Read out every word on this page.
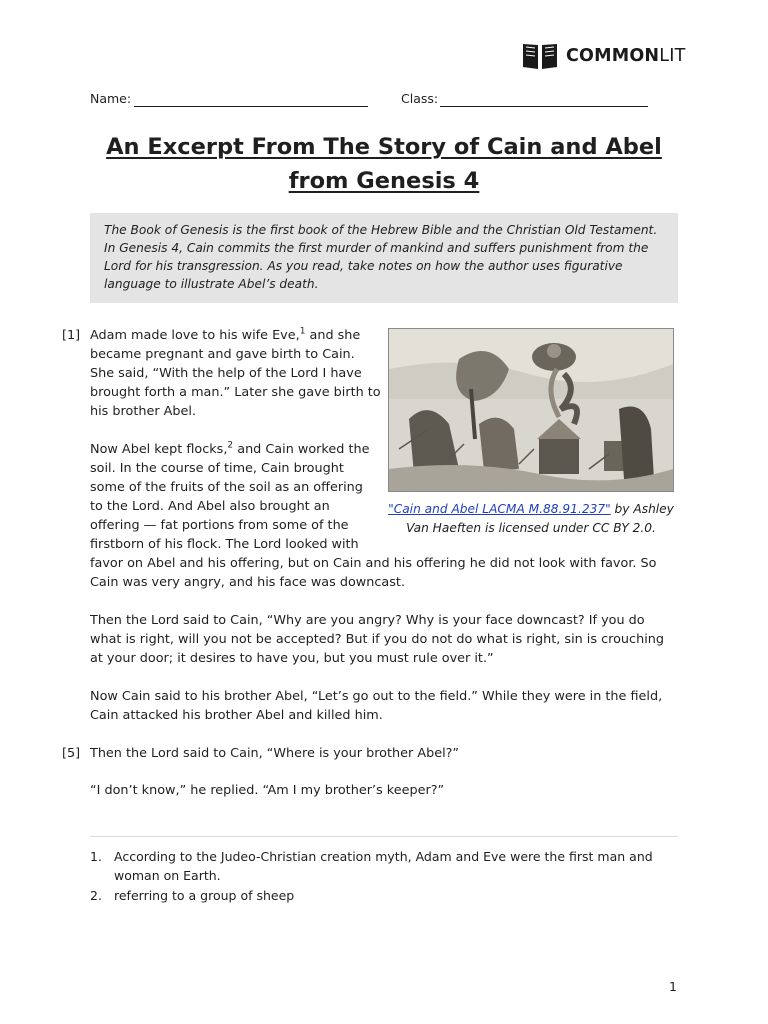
COMMONLIT
Name:	Class:
An Excerpt From The Story of Cain and Abel
from Genesis 4

The Book of Genesis is the first book of the Hebrew Bible and the Christian Old Testament. In Genesis 4, Cain commits the first murder of mankind and suffers punishment from the Lord for his transgression. As you read, take notes on how the author uses figurative language to illustrate Abel’s death.

"Cain and Abel LACMA M.88.91.237" by Ashley Van Haeften is licensed under CC BY 2.0.
[1] Adam made love to his wife Eve,$^1$ and she became pregnant and gave birth to Cain. She said, “With the help of the Lord I have brought forth a man.” Later she gave birth to his brother Abel.

Now Abel kept flocks,$^2$ and Cain worked the soil. In the course of time, Cain brought some of the fruits of the soil as an offering to the Lord. And Abel also brought an offering — fat portions from some of the firstborn of his flock. The Lord looked with favor on Abel and his offering, but on Cain and his offering he did not look with favor. So Cain was very angry, and his face was downcast.

Then the Lord said to Cain, “Why are you angry? Why is your face downcast? If you do what is right, will you not be accepted? But if you do not do what is right, sin is crouching at your door; it desires to have you, but you must rule over it.”

Now Cain said to his brother Abel, “Let’s go out to the field.” While they were in the field, Cain attacked his brother Abel and killed him.

[5] Then the Lord said to Cain, “Where is your brother Abel?”

“I don’t know,” he replied. “Am I my brother’s keeper?”

1. According to the Judeo-Christian creation myth, Adam and Eve were the first man and woman on Earth.
2. referring to a group of sheep
1
